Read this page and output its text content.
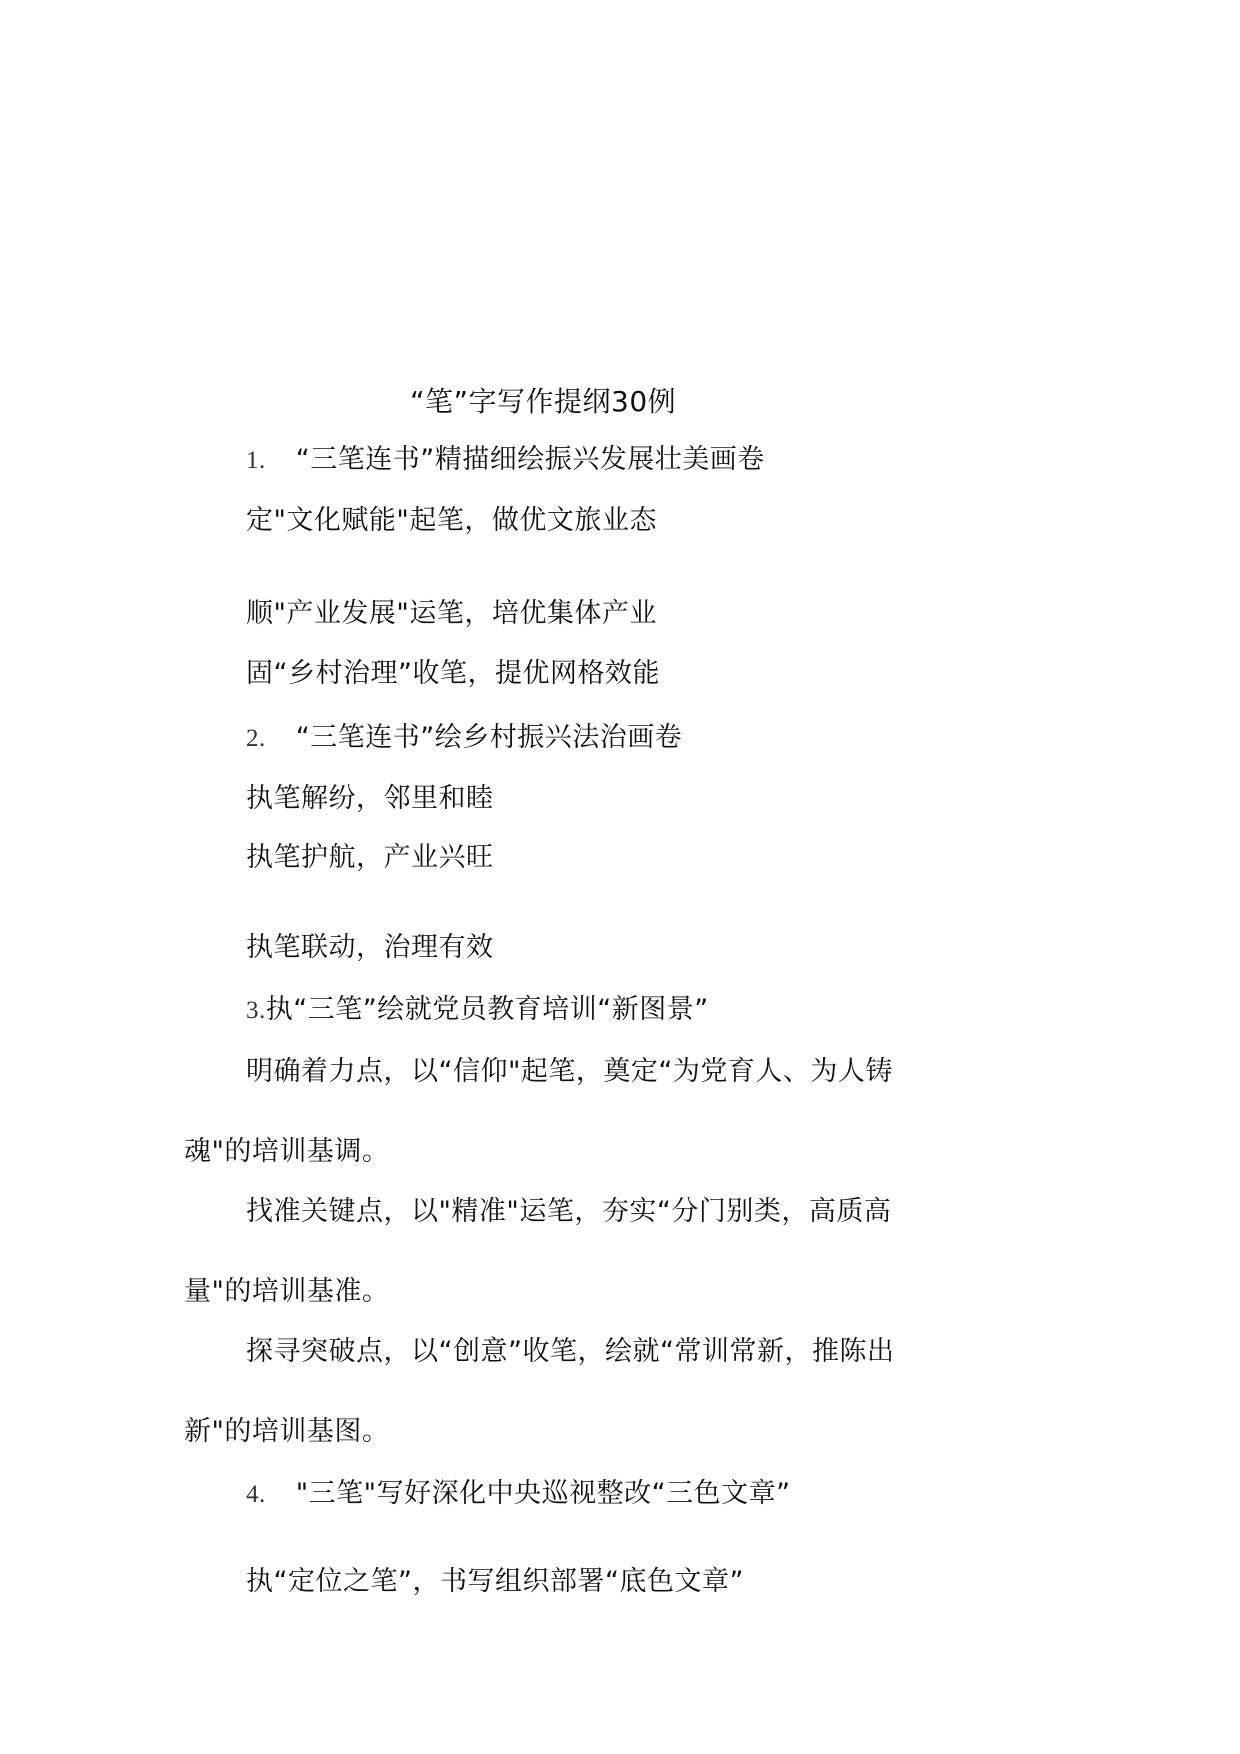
“笔”字写作提纲30例
1. “三笔连书”精描细绘振兴发展壮美画卷
定"文化赋能"起笔，做优文旅业态
顺"产业发展"运笔，培优集体产业
固“乡村治理”收笔，提优网格效能
2. “三笔连书”绘乡村振兴法治画卷
执笔解纷，邻里和睦
执笔护航，产业兴旺
执笔联动，治理有效
3.执“三笔”绘就党员教育培训“新图景”
明确着力点，以“信仰"起笔，奠定“为党育人、为人铸
魂"的培训基调。
找准关键点，以"精准"运笔，夯实“分门别类，高质高
量"的培训基准。
探寻突破点，以“创意”收笔，绘就“常训常新，推陈出
新"的培训基图。
4. "三笔"写好深化中央巡视整改“三色文章”
执“定位之笔”，书写组织部署“底色文章”
